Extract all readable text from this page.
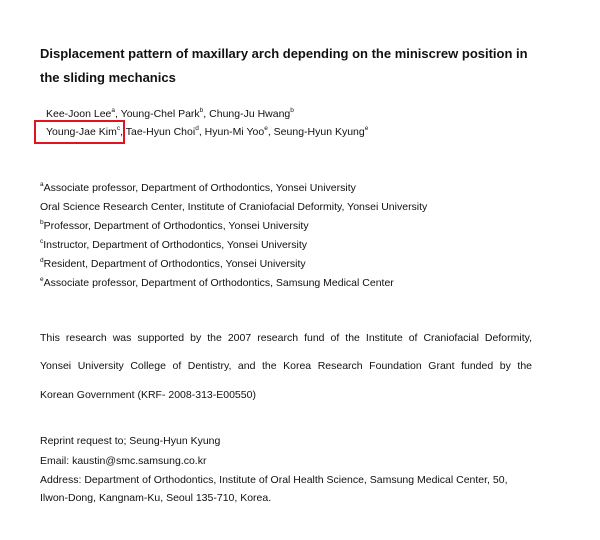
Displacement pattern of maxillary arch depending on the miniscrew position in the sliding mechanics
Kee-Joon Lee$^a$, Young-Chel Park$^b$, Chung-Ju Hwang$^b$
Young-Jae Kim$^c$, Tae-Hyun Choi$^d$, Hyun-Mi Yoo$^e$, Seung-Hyun Kyung$^e$
$^a$Associate professor, Department of Orthodontics, Yonsei University
Oral Science Research Center, Institute of Craniofacial Deformity, Yonsei University
$^b$Professor, Department of Orthodontics, Yonsei University
$^c$Instructor, Department of Orthodontics, Yonsei University
$^d$Resident, Department of Orthodontics, Yonsei University
$^e$Associate professor, Department of Orthodontics, Samsung Medical Center
This research was supported by the 2007 research fund of the Institute of Craniofacial Deformity,
Yonsei University College of Dentistry, and the Korea Research Foundation Grant funded by the
Korean Government (KRF- 2008-313-E00550)
Reprint request to; Seung-Hyun Kyung
Email: kaustin@smc.samsung.co.kr
Address: Department of Orthodontics, Institute of Oral Health Science, Samsung Medical Center, 50,
Ilwon-Dong, Kangnam-Ku, Seoul 135-710, Korea.
